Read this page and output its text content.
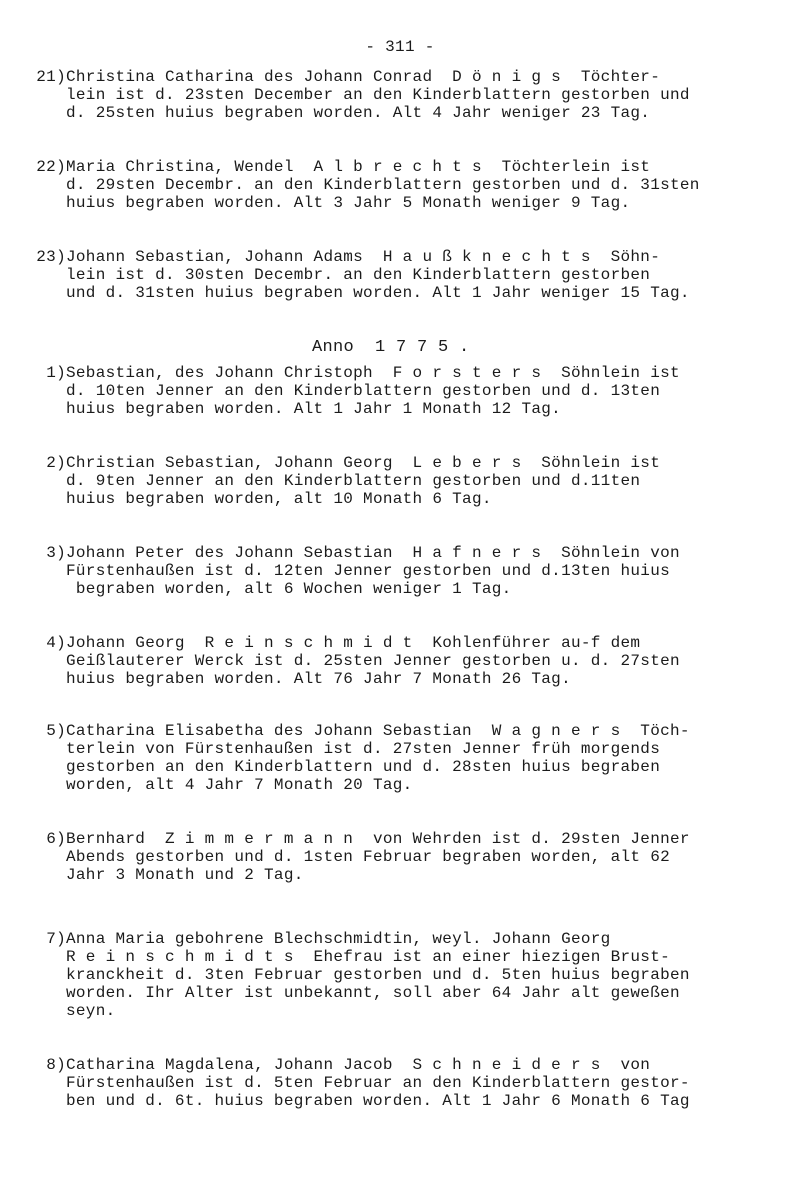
- 311 -
21) Christina Catharina des Johann Conrad  D ö n i g s  Töchter-
lein ist d. 23sten December an den Kinderblattern gestorben und
d. 25sten huius begraben worden. Alt 4 Jahr weniger 23 Tag.
22) Maria Christina, Wendel  A l b r e c h t s  Töchterlein ist
d. 29sten Decembr. an den Kinderblattern gestorben und d. 31sten
huius begraben worden. Alt 3 Jahr 5 Monath weniger 9 Tag.
23) Johann Sebastian, Johann Adams  H a u ß k n e c h t s  Söhn-
lein ist d. 30sten Decembr. an den Kinderblattern gestorben
und d. 31sten huius begraben worden. Alt 1 Jahr weniger 15 Tag.
Anno  1 7 7 5 .
1) Sebastian, des Johann Christoph  F o r s t e r s  Söhnlein ist
d. 10ten Jenner an den Kinderblattern gestorben und d. 13ten
huius begraben worden. Alt 1 Jahr 1 Monath 12 Tag.
2) Christian Sebastian, Johann Georg  L e b e r s  Söhnlein ist
d. 9ten Jenner an den Kinderblattern gestorben und d.11ten
huius begraben worden, alt 10 Monath 6 Tag.
3) Johann Peter des Johann Sebastian  H a f n e r s  Söhnlein von
Fürstenhaußen ist d. 12ten Jenner gestorben und d.13ten huius
begraben worden, alt 6 Wochen weniger 1 Tag.
4) Johann Georg  R e i n s c h m i d t  Kohlenführer au-f dem
Geißlauterer Werck ist d. 25sten Jenner gestorben u. d. 27sten
huius begraben worden. Alt 76 Jahr 7 Monath 26 Tag.
5) Catharina Elisabetha des Johann Sebastian  W a g n e r s  Töch-
terlein von Fürstenhaußen ist d. 27sten Jenner früh morgends
gestorben an den Kinderblattern und d. 28sten huius begraben
worden, alt 4 Jahr 7 Monath 20 Tag.
6) Bernhard  Z i m m e r m a n n  von Wehrden ist d. 29sten Jenner
Abends gestorben und d. 1sten Februar begraben worden, alt 62
Jahr 3 Monath und 2 Tag.
7) Anna Maria gebohrene Blechschmidtin, weyl. Johann Georg
R e i n s c h m i d t s  Ehefrau ist an einer hiezigen Brust-
kranckheit d. 3ten Februar gestorben und d. 5ten huius begraben
worden. Ihr Alter ist unbekannt, soll aber 64 Jahr alt geweßen
seyn.
8) Catharina Magdalena, Johann Jacob  S c h n e i d e r s  von
Fürstenhaußen ist d. 5ten Februar an den Kinderblattern gestor-
ben und d. 6t. huius begraben worden. Alt 1 Jahr 6 Monath 6 Tag
